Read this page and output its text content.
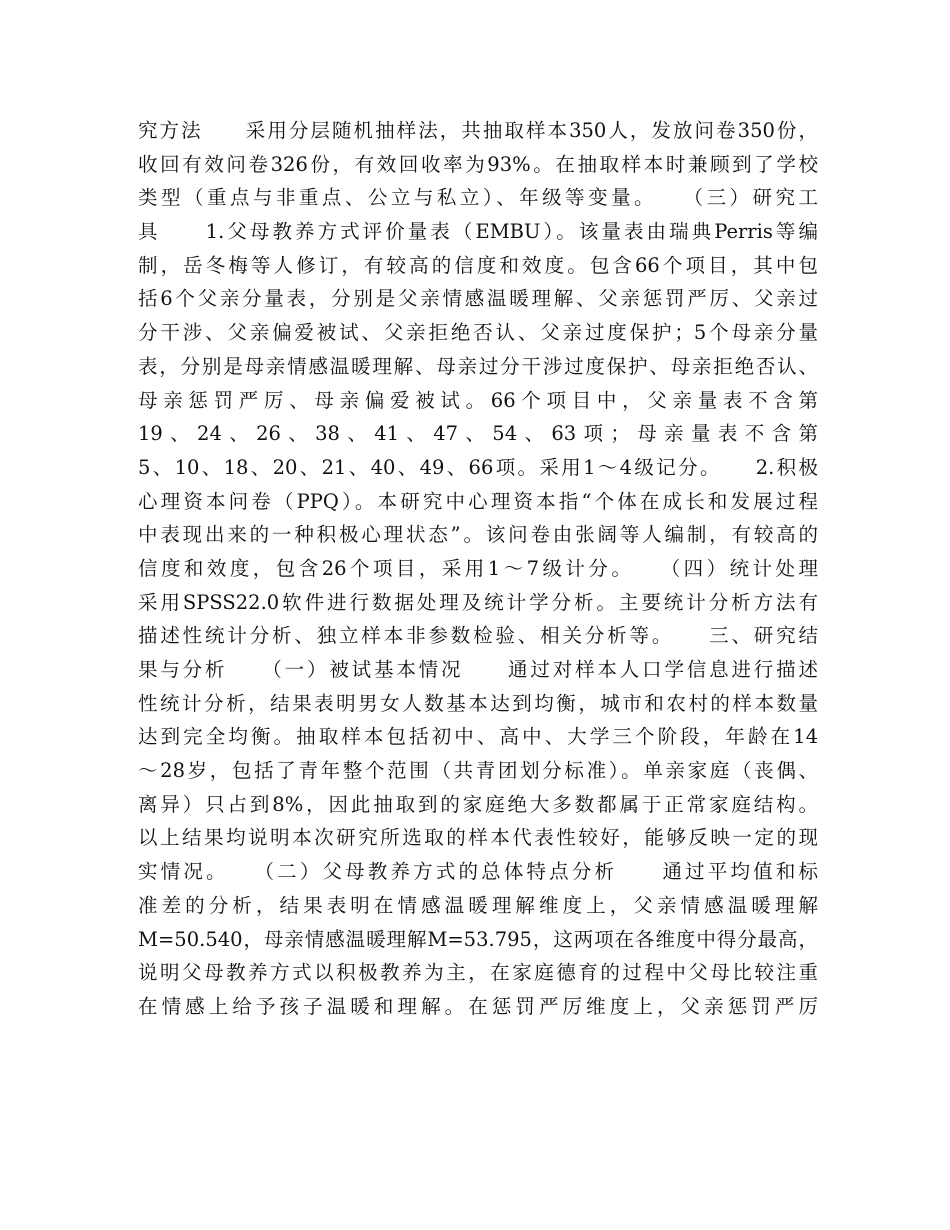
究方法　　采用分层随机抽样法，共抽取样本350人，发放问卷350份，
收回有效问卷326份，有效回收率为93%。在抽取样本时兼顾到了学校
类型（重点与非重点、公立与私立）、年级等变量。　　（三）研究工
具　　1.父母教养方式评价量表（EMBU）。该量表由瑞典Perris等编
制，岳冬梅等人修订，有较高的信度和效度。包含66个项目，其中包
括6个父亲分量表，分别是父亲情感温暖理解、父亲惩罚严厉、父亲过
分干涉、父亲偏爱被试、父亲拒绝否认、父亲过度保护；5个母亲分量
表，分别是母亲情感温暖理解、母亲过分干涉过度保护、母亲拒绝否认、
母亲惩罚严厉、母亲偏爱被试。66个项目中，父亲量表不含第
19、24、26、38、41、47、54、63项；母亲量表不含第
5、10、18、20、21、40、49、66项。采用1～4级记分。　　2.积极
心理资本问卷（PPQ）。本研究中心理资本指“个体在成长和发展过程
中表现出来的一种积极心理状态”。该问卷由张阔等人编制，有较高的
信度和效度，包含26个项目，采用1～7级计分。　　（四）统计处理
采用SPSS22.0软件进行数据处理及统计学分析。主要统计分析方法有
描述性统计分析、独立样本非参数检验、相关分析等。　　三、研究结
果与分析　　（一）被试基本情况　　通过对样本人口学信息进行描述
性统计分析，结果表明男女人数基本达到均衡，城市和农村的样本数量
达到完全均衡。抽取样本包括初中、高中、大学三个阶段，年龄在14
～28岁，包括了青年整个范围（共青团划分标准）。单亲家庭（丧偶、
离异）只占到8%，因此抽取到的家庭绝大多数都属于正常家庭结构。
以上结果均说明本次研究所选取的样本代表性较好，能够反映一定的现
实情况。　　（二）父母教养方式的总体特点分析　　通过平均值和标
准差的分析，结果表明在情感温暖理解维度上，父亲情感温暖理解
M=50.540，母亲情感温暖理解M=53.795，这两项在各维度中得分最高，
说明父母教养方式以积极教养为主，在家庭德育的过程中父母比较注重
在情感上给予孩子温暖和理解。在惩罚严厉维度上，父亲惩罚严厉
